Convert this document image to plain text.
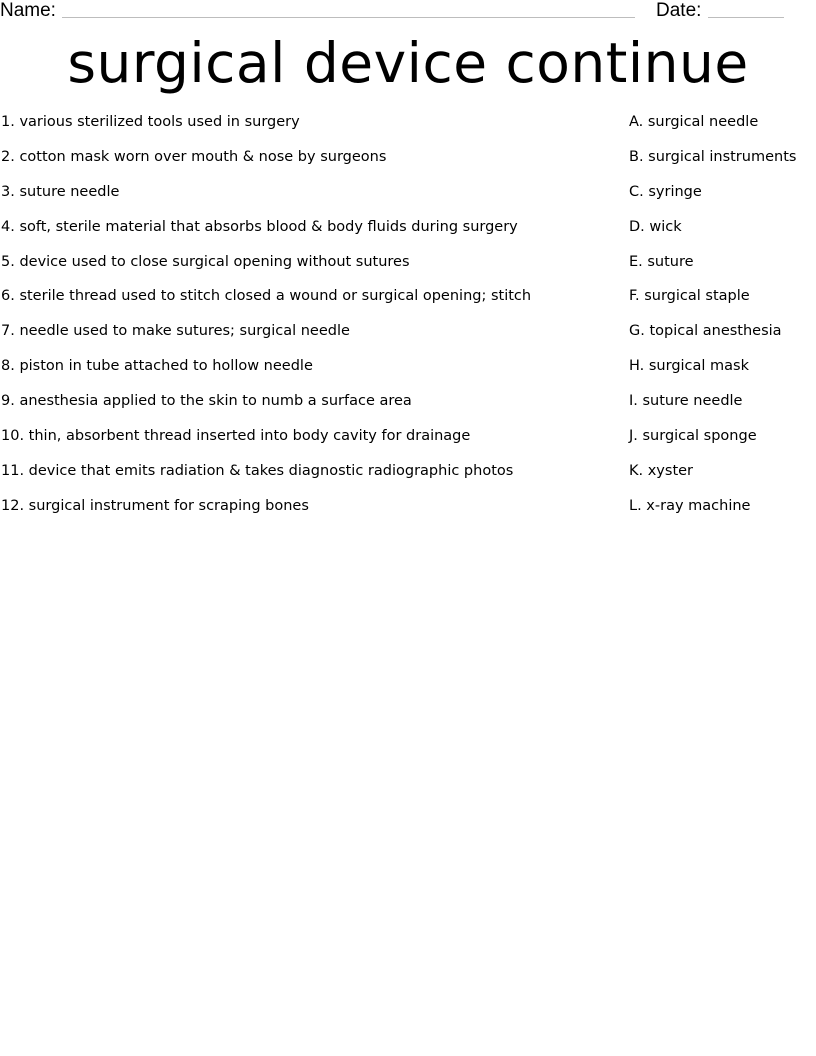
Name:	Date:
surgical device continue
1. various sterilized tools used in surgery	A. surgical needle
2. cotton mask worn over mouth & nose by surgeons	B. surgical instruments
3. suture needle	C. syringe
4. soft, sterile material that absorbs blood & body fluids during surgery	D. wick
5. device used to close surgical opening without sutures	E. suture
6. sterile thread used to stitch closed a wound or surgical opening; stitch	F. surgical staple
7. needle used to make sutures; surgical needle	G. topical anesthesia
8. piston in tube attached to hollow needle	H. surgical mask
9. anesthesia applied to the skin to numb a surface area	I. suture needle
10. thin, absorbent thread inserted into body cavity for drainage	J. surgical sponge
11. device that emits radiation & takes diagnostic radiographic photos	K. xyster
12. surgical instrument for scraping bones	L. x-ray machine
